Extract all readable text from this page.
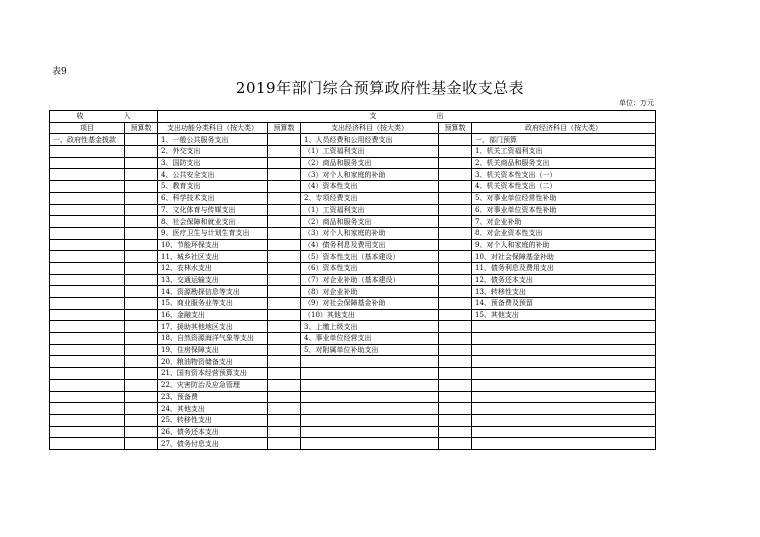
表9
2019年部门综合预算政府性基金收支总表
单位：万元
收 入		支 出				
项目	预算数	支出功能分类科目（按大类）	预算数	支出经济科目（按大类）	预算数	政府经济科目（按大类）
一、政府性基金拨款		1、一般公共服务支出		1、人员经费和公用经费支出		一、部门预算
		2、外交支出		（1）工资福利支出		1、机关工资福利支出
		3、国防支出		（2）商品和服务支出		2、机关商品和服务支出
		4、公共安全支出		（3）对个人和家庭的补助		3、机关资本性支出（一）
		5、教育支出		（4）资本性支出		4、机关资本性支出（二）
		6、科学技术支出		2、专项经费支出		5、对事业单位经常性补助
		7、文化体育与传媒支出		（1）工资福利支出		6、对事业单位资本性补助
		8、社会保障和就业支出		（2）商品和服务支出		7、对企业补助
		9、医疗卫生与计划生育支出		（3）对个人和家庭的补助		8、对企业资本性支出
		10、节能环保支出		（4）债务利息及费用支出		9、对个人和家庭的补助
		11、城乡社区支出		（5）资本性支出（基本建设）		10、对社会保障基金补助
		12、农林水支出		（6）资本性支出		11、债务利息及费用支出
		13、交通运输支出		（7）对企业补助（基本建设）		12、债务还本支出
		14、资源勘探信息等支出		（8）对企业补助		13、转移性支出
		15、商业服务业等支出		（9）对社会保障基金补助		14、预备费及预留
		16、金融支出		（10）其他支出		15、其他支出
		17、援助其他地区支出		3、上缴上级支出		
		18、自然资源海洋气象等支出		4、事业单位经营支出		
		19、住房保障支出		5、对附属单位补助支出		
		20、粮油物资储备支出				
		21、国有资本经营预算支出				
		22、灾害防治及应急管理				
		23、预备费				
		24、其他支出				
		25、转移性支出				
		26、债务还本支出				
		27、债务付息支出				
